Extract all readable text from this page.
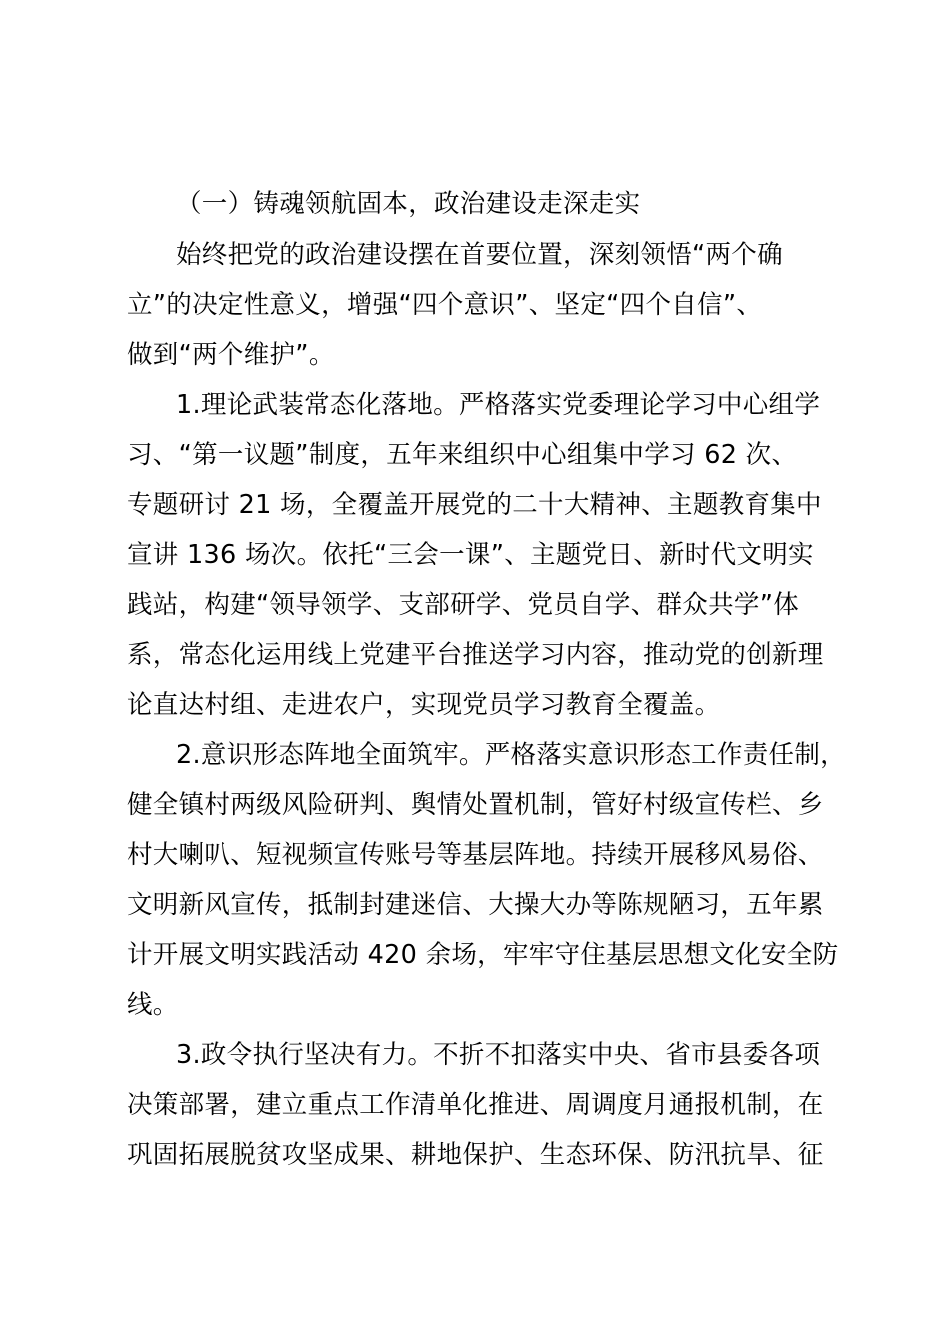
（一）铸魂领航固本，政治建设走深走实
始终把党的政治建设摆在首要位置，深刻领悟“两个确
立”的决定性意义，增强“四个意识”、坚定“四个自信”、
做到“两个维护”。
1.理论武装常态化落地。严格落实党委理论学习中心组学
习、“第一议题”制度，五年来组织中心组集中学习 62 次、
专题研讨 21 场，全覆盖开展党的二十大精神、主题教育集中
宣讲 136 场次。依托“三会一课”、主题党日、新时代文明实
践站，构建“领导领学、支部研学、党员自学、群众共学”体
系，常态化运用线上党建平台推送学习内容，推动党的创新理
论直达村组、走进农户，实现党员学习教育全覆盖。
2.意识形态阵地全面筑牢。严格落实意识形态工作责任制，
健全镇村两级风险研判、舆情处置机制，管好村级宣传栏、乡
村大喇叭、短视频宣传账号等基层阵地。持续开展移风易俗、
文明新风宣传，抵制封建迷信、大操大办等陈规陋习，五年累
计开展文明实践活动 420 余场，牢牢守住基层思想文化安全防
线。
3.政令执行坚决有力。不折不扣落实中央、省市县委各项
决策部署，建立重点工作清单化推进、周调度月通报机制，在
巩固拓展脱贫攻坚成果、耕地保护、生态环保、防汛抗旱、征
